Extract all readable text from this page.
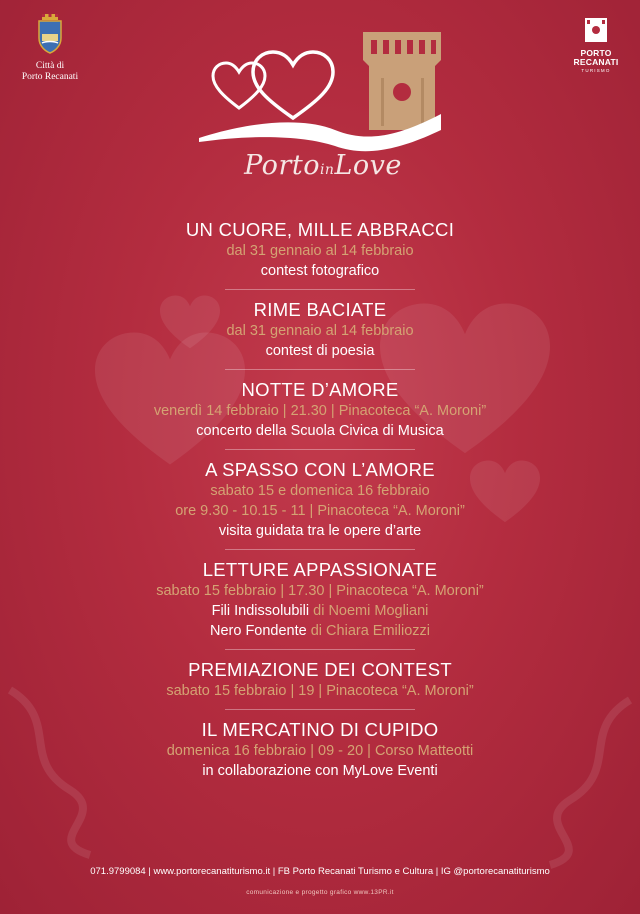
Città di
Porto Recanati
PORTO
RECANATI
TURISMO
PortoinLove
UN CUORE, MILLE ABBRACCI
dal 31 gennaio al 14 febbraio
contest fotografico
RIME BACIATE
dal 31 gennaio al 14 febbraio
contest di poesia
NOTTE D’AMORE
venerdì 14 febbraio | 21.30 | Pinacoteca “A. Moroni”
concerto della Scuola Civica di Musica
A SPASSO CON L’AMORE
sabato 15 e domenica 16 febbraio
ore 9.30 - 10.15 - 11 | Pinacoteca “A. Moroni”
visita guidata tra le opere d’arte
LETTURE APPASSIONATE
sabato 15 febbraio | 17.30 | Pinacoteca “A. Moroni”
Fili Indissolubili di Noemi Mogliani
Nero Fondente di Chiara Emiliozzi
PREMIAZIONE DEI CONTEST
sabato 15 febbraio | 19 | Pinacoteca “A. Moroni”
IL MERCATINO DI CUPIDO
domenica 16 febbraio | 09 - 20 | Corso Matteotti
in collaborazione con MyLove Eventi
071.9799084 | www.portorecanatiturismo.it | FB Porto Recanati Turismo e Cultura | IG @portorecanatiturismo
comunicazione e progetto grafico www.13PR.it
